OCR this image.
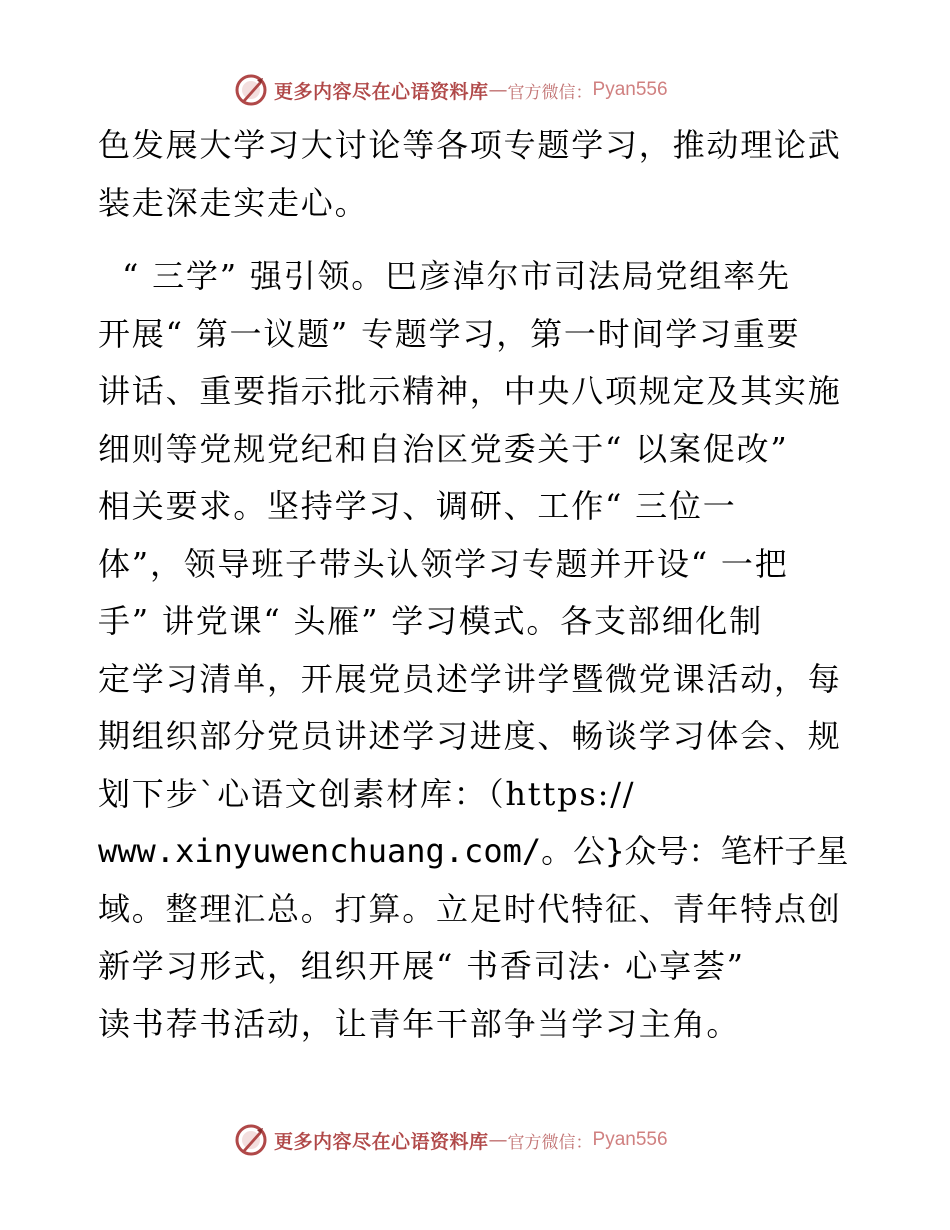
更多内容尽在心语资料库 — 官方微信： Pyan556
色发展大学习大讨论等各项专题学习，推动理论武
装走深走实走心。
“ 三学” 强引领。巴彦淖尔市司法局党组率先
开展“ 第一议题” 专题学习，第一时间学习重要
讲话、重要指示批示精神，中央八项规定及其实施
细则等党规党纪和自治区党委关于“ 以案促改”
相关要求。坚持学习、调研、工作“ 三位一
体”，领导班子带头认领学习专题并开设“ 一把
手” 讲党课“ 头雁” 学习模式。各支部细化制
定学习清单，开展党员述学讲学暨微党课活动，每
期组织部分党员讲述学习进度、畅谈学习体会、规
划下步`心语文创素材库：（https://
www.xinyuwenchuang.com/。公}众号：笔杆子星
域。整理汇总。打算。立足时代特征、青年特点创
新学习形式，组织开展“ 书香司法· 心享荟”
读书荐书活动，让青年干部争当学习主角。
更多内容尽在心语资料库 — 官方微信： Pyan556
